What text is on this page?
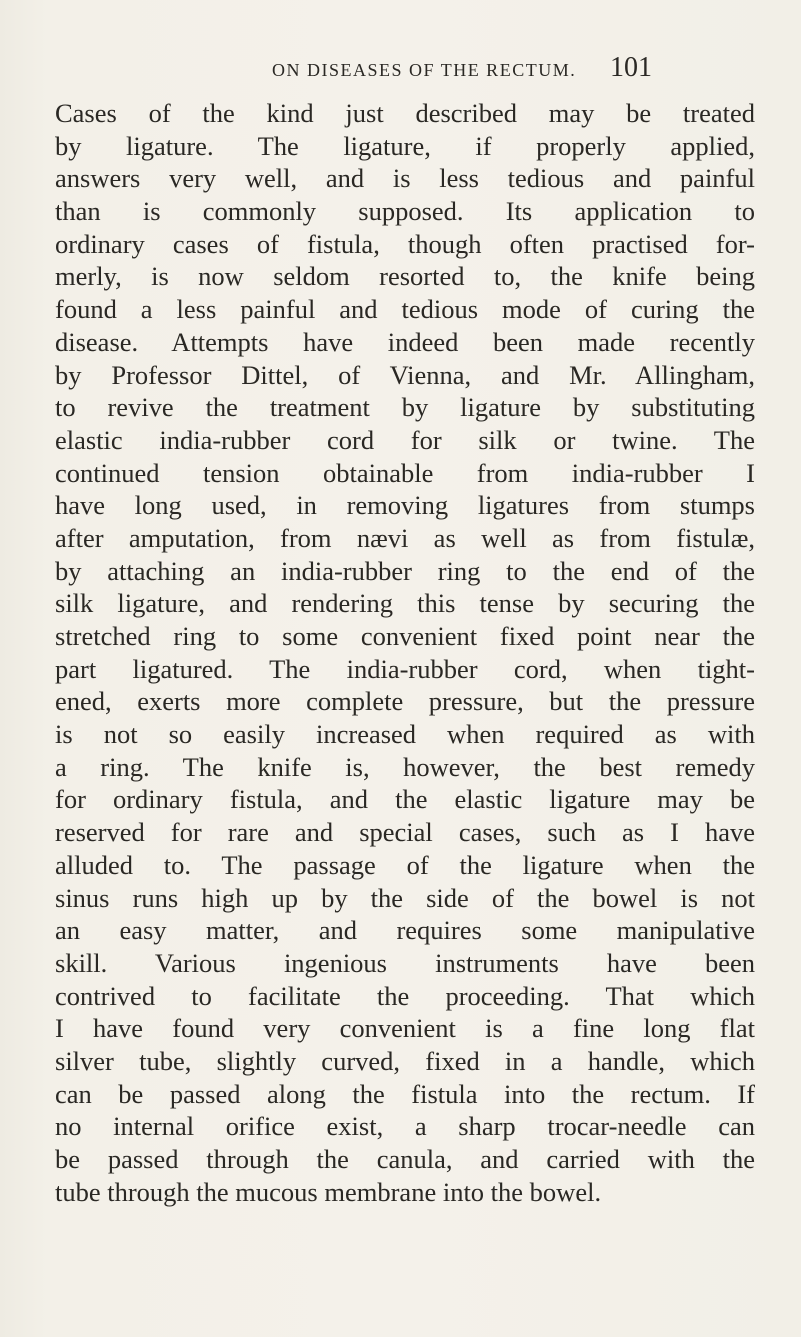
ON DISEASES OF THE RECTUM. 101
Cases of the kind just described may be treated
by ligature. The ligature, if properly applied,
answers very well, and is less tedious and painful
than is commonly supposed. Its application to
ordinary cases of fistula, though often practised for-
merly, is now seldom resorted to, the knife being
found a less painful and tedious mode of curing the
disease. Attempts have indeed been made recently
by Professor Dittel, of Vienna, and Mr. Allingham,
to revive the treatment by ligature by substituting
elastic india-rubber cord for silk or twine. The
continued tension obtainable from india-rubber I
have long used, in removing ligatures from stumps
after amputation, from nævi as well as from fistulæ,
by attaching an india-rubber ring to the end of the
silk ligature, and rendering this tense by securing the
stretched ring to some convenient fixed point near the
part ligatured. The india-rubber cord, when tight-
ened, exerts more complete pressure, but the pressure
is not so easily increased when required as with
a ring. The knife is, however, the best remedy
for ordinary fistula, and the elastic ligature may be
reserved for rare and special cases, such as I have
alluded to. The passage of the ligature when the
sinus runs high up by the side of the bowel is not
an easy matter, and requires some manipulative
skill. Various ingenious instruments have been
contrived to facilitate the proceeding. That which
I have found very convenient is a fine long flat
silver tube, slightly curved, fixed in a handle, which
can be passed along the fistula into the rectum. If
no internal orifice exist, a sharp trocar-needle can
be passed through the canula, and carried with the
tube through the mucous membrane into the bowel.
